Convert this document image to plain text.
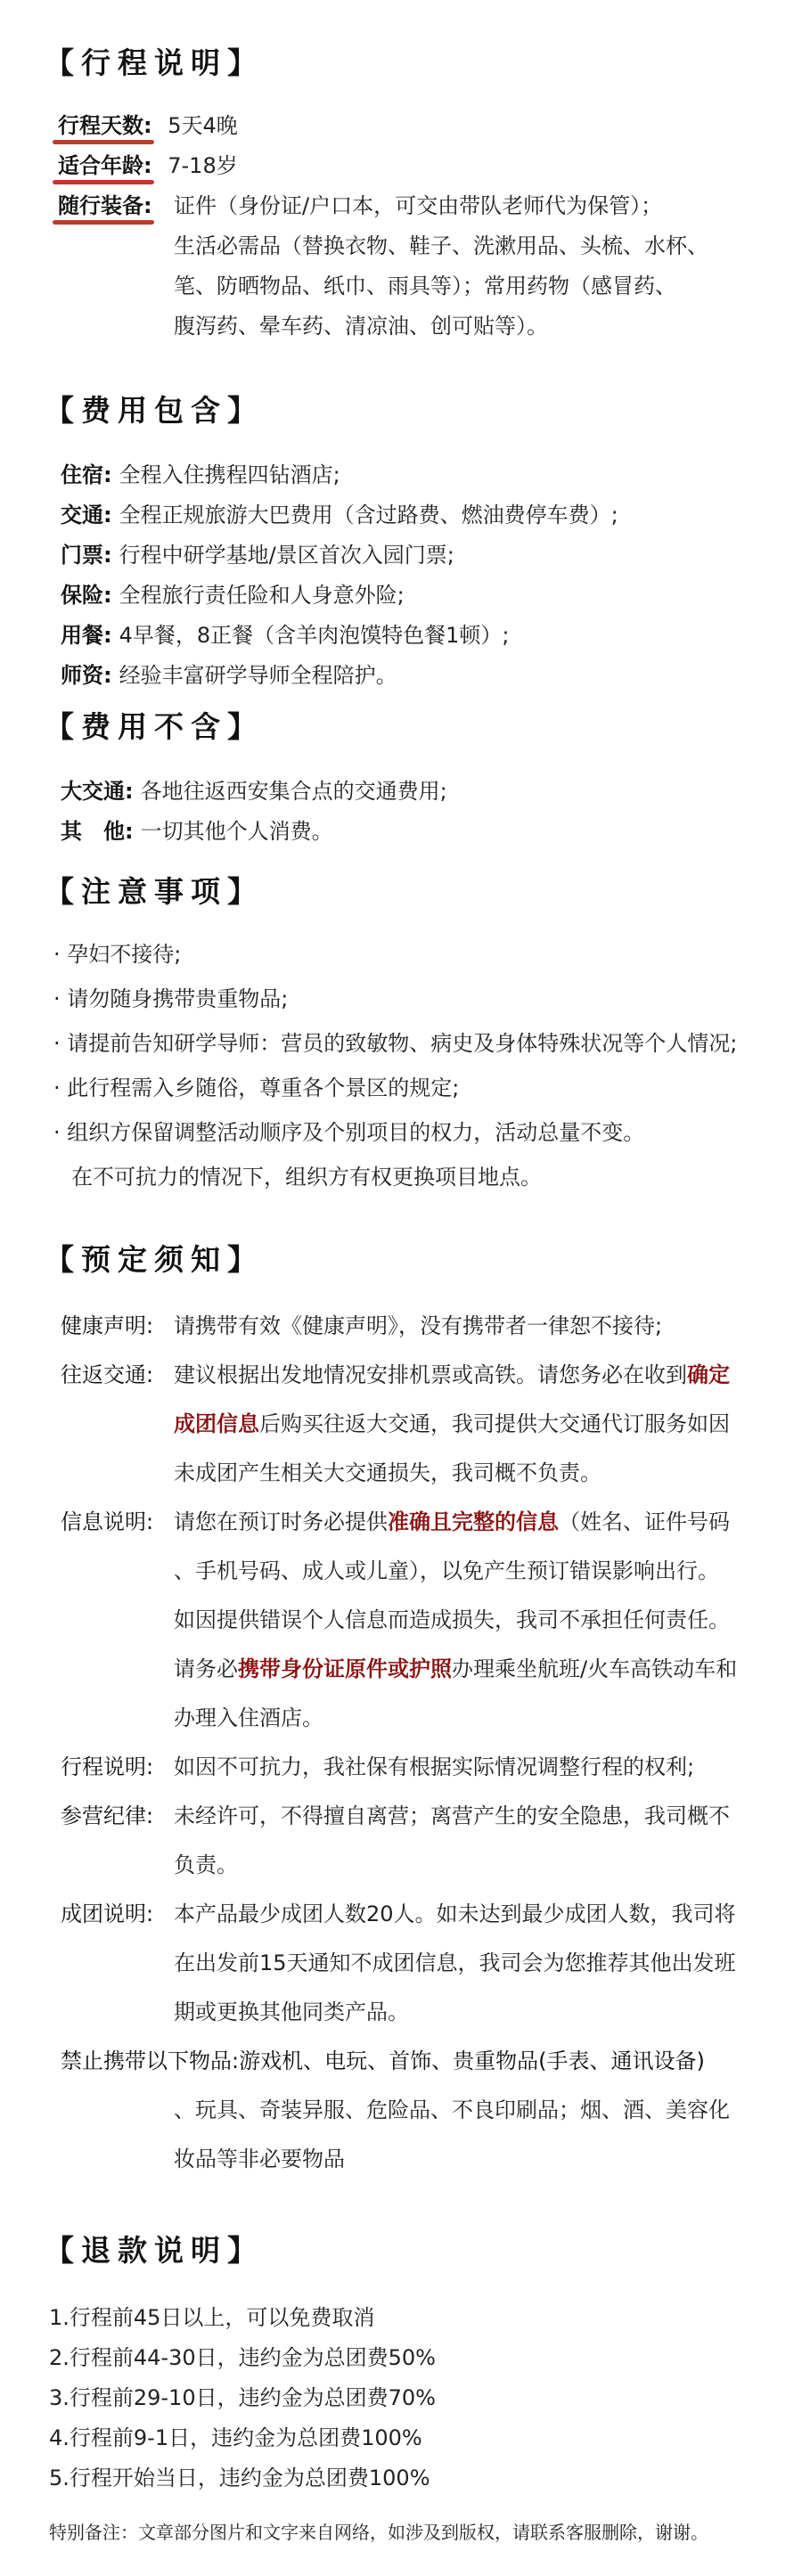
【行程说明】
行程天数: 5天4晚
适合年龄: 7-18岁
随行装备: 证件（身份证/户口本，可交由带队老师代为保管）；
生活必需品（替换衣物、鞋子、洗漱用品、头梳、水杯、
笔、防晒物品、纸巾、雨具等）；常用药物（感冒药、
腹泻药、晕车药、清凉油、创可贴等）。
【费用包含】
住宿: 全程入住携程四钻酒店;
交通: 全程正规旅游大巴费用（含过路费、燃油费停车费）;
门票: 行程中研学基地/景区首次入园门票;
保险: 全程旅行责任险和人身意外险;
用餐: 4早餐，8正餐（含羊肉泡馍特色餐1顿）;
师资: 经验丰富研学导师全程陪护。
【费用不含】
大交通: 各地往返西安集合点的交通费用;
其　他: 一切其他个人消费。
【注意事项】
· 孕妇不接待;
· 请勿随身携带贵重物品;
· 请提前告知研学导师：营员的致敏物、病史及身体特殊状况等个人情况;
· 此行程需入乡随俗，尊重各个景区的规定;
· 组织方保留调整活动顺序及个别项目的权力，活动总量不变。
在不可抗力的情况下，组织方有权更换项目地点。
【预定须知】
健康声明: 请携带有效《健康声明》，没有携带者一律恕不接待;
往返交通: 建议根据出发地情况安排机票或高铁。请您务必在收到确定
成团信息后购买往返大交通，我司提供大交通代订服务如因
未成团产生相关大交通损失，我司概不负责。
信息说明: 请您在预订时务必提供准确且完整的信息（姓名、证件号码
、手机号码、成人或儿童），以免产生预订错误影响出行。
如因提供错误个人信息而造成损失，我司不承担任何责任。
请务必携带身份证原件或护照办理乘坐航班/火车高铁动车和
办理入住酒店。
行程说明: 如因不可抗力，我社保有根据实际情况调整行程的权利;
参营纪律: 未经许可，不得擅自离营；离营产生的安全隐患，我司概不
负责。
成团说明: 本产品最少成团人数20人。如未达到最少成团人数，我司将
在出发前15天通知不成团信息，我司会为您推荐其他出发班
期或更换其他同类产品。
禁止携带以下物品:游戏机、电玩、首饰、贵重物品(手表、通讯设备)
、玩具、奇装异服、危险品、不良印刷品；烟、酒、美容化
妆品等非必要物品
【退款说明】
1.行程前45日以上，可以免费取消
2.行程前44-30日，违约金为总团费50%
3.行程前29-10日，违约金为总团费70%
4.行程前9-1日，违约金为总团费100%
5.行程开始当日，违约金为总团费100%
特别备注：文章部分图片和文字来自网络，如涉及到版权，请联系客服删除，谢谢。
